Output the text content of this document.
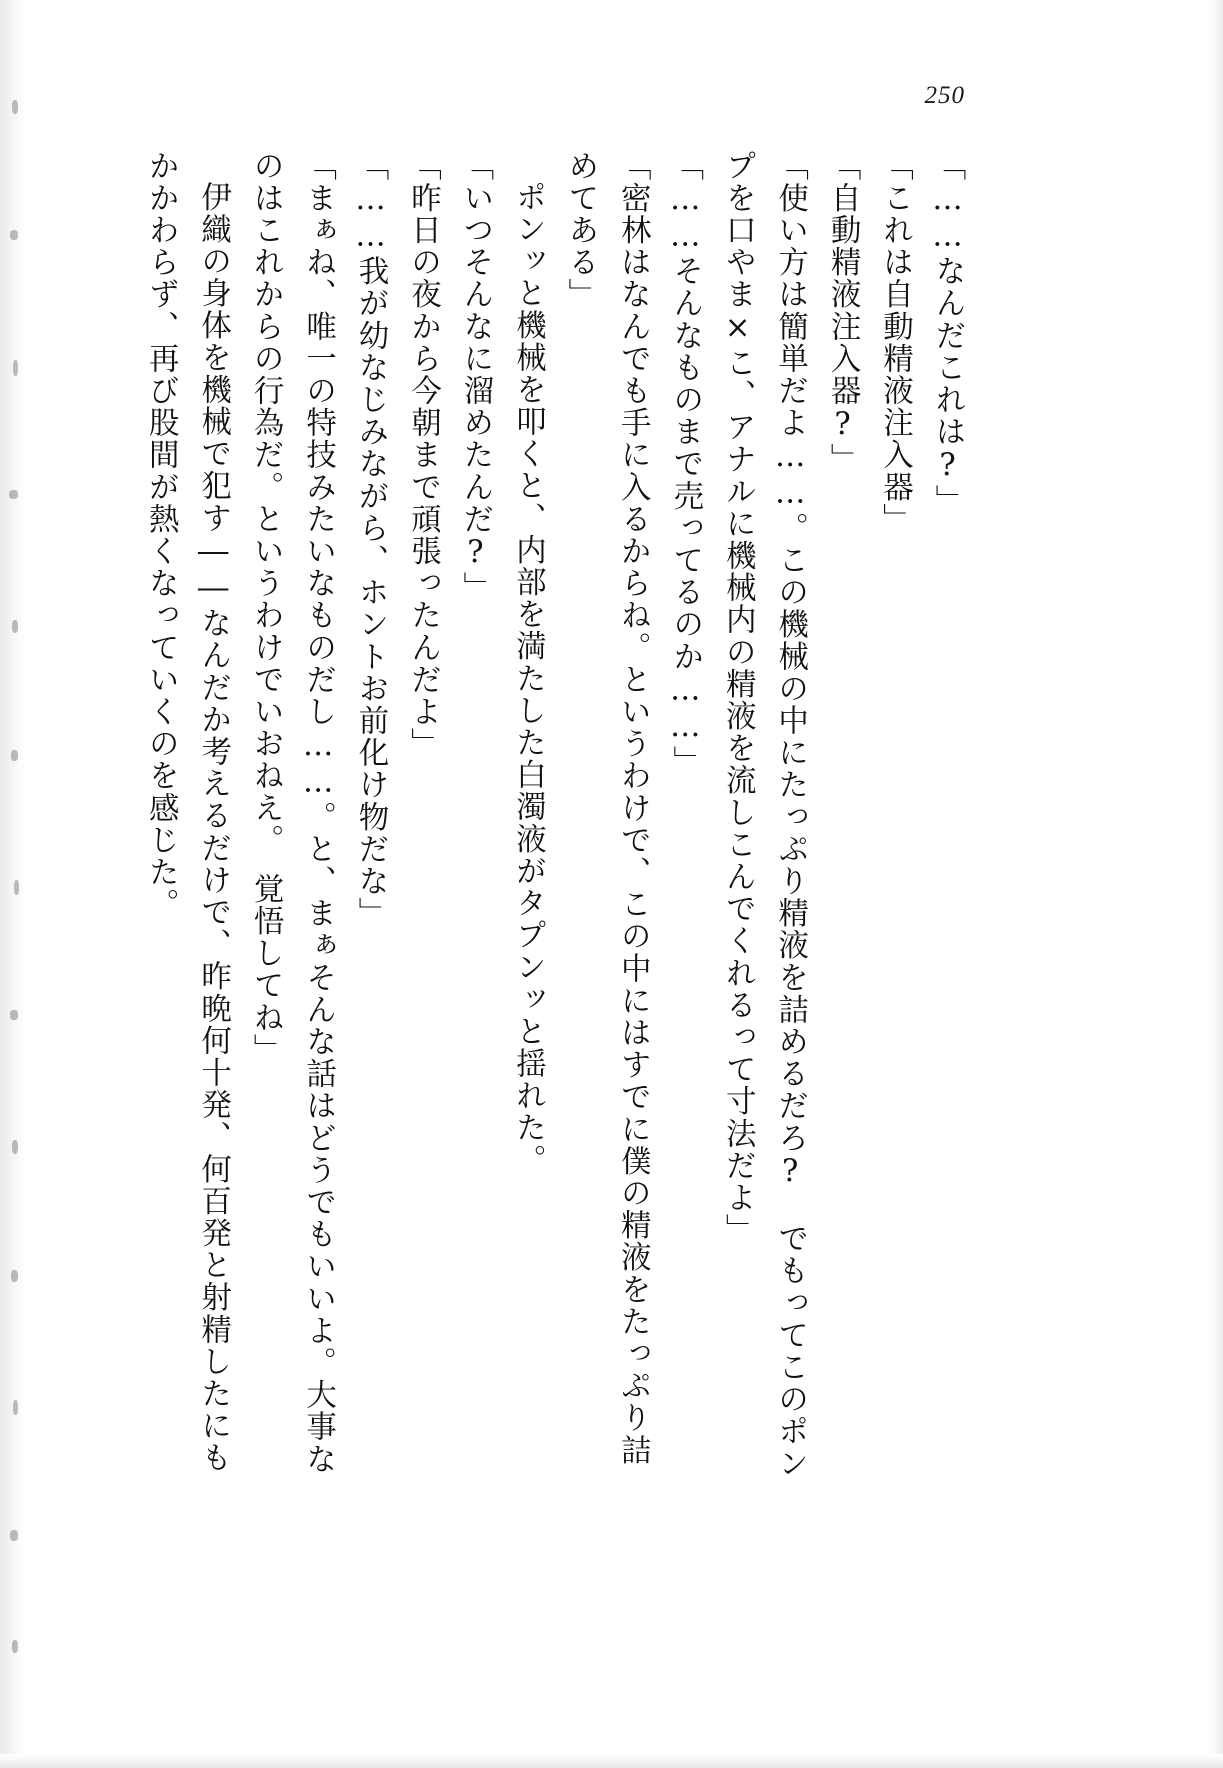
250

「……なんだこれは?」

「これは自動精液注入器」

「自動精液注入器?」

「使い方は簡単だよ……。この機械の中にたっぷり精液を詰めるだろ?　でもってこのポンプを口やま×こ、アナルに機械内の精液を流しこんでくれるって寸法だよ」

「……そんなものまで売ってるのか……」

「密林はなんでも手に入るからね。というわけで、この中にはすでに僕の精液をたっぷり詰めてある」

ポンッと機械を叩くと、内部を満たした白濁液がタプンッと揺れた。

「いつそんなに溜めたんだ?」

「昨日の夜から今朝まで頑張ったんだよ」

「……我が幼なじみながら、ホントお前化け物だな」

「まぁね、唯一の特技みたいなものだし……。と、まぁそんな話はどうでもいいよ。大事なのはこれからの行為だ。というわけでいおねえ。　覚悟してね」

伊織の身体を機械で犯す――なんだか考えるだけで、昨晩何十発、何百発と射精したにもかかわらず、再び股間が熱くなっていくのを感じた。
